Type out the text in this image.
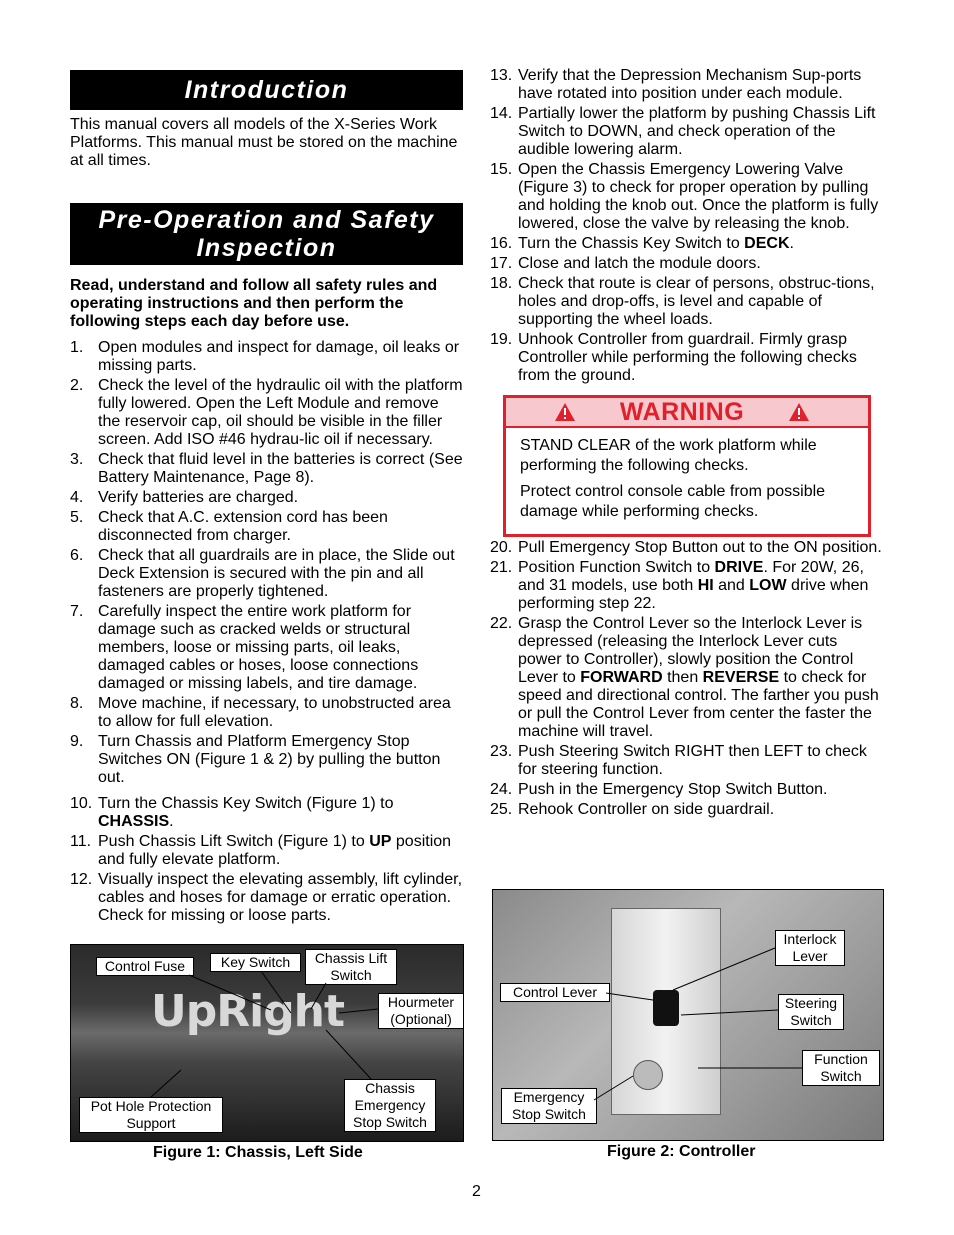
Introduction
This manual covers all models of the X-Series Work Platforms. This manual must be stored on the machine at all times.
Pre-Operation and Safety Inspection
Read, understand and follow all safety rules and operating instructions and then perform the following steps each day before use.
1. Open modules and inspect for damage, oil leaks or missing parts.
2. Check the level of the hydraulic oil with the platform fully lowered. Open the Left Module and remove the reservoir cap, oil should be visible in the filler screen. Add ISO #46 hydrau-lic oil if necessary.
3. Check that fluid level in the batteries is correct (See Battery Maintenance, Page 8).
4. Verify batteries are charged.
5. Check that A.C. extension cord has been disconnected from charger.
6. Check that all guardrails are in place, the Slide out Deck Extension is secured with the pin and all fasteners are properly tightened.
7. Carefully inspect the entire work platform for damage such as cracked welds or structural members, loose or missing parts, oil leaks, damaged cables or hoses, loose connections damaged or missing labels, and tire damage.
8. Move machine, if necessary, to unobstructed area to allow for full elevation.
9. Turn Chassis and Platform Emergency Stop Switches ON (Figure 1 & 2) by pulling the button out.
10. Turn the Chassis Key Switch (Figure 1) to CHASSIS.
11. Push Chassis Lift Switch (Figure 1) to UP position and fully elevate platform.
12. Visually inspect the elevating assembly, lift cylinder, cables and hoses for damage or erratic operation. Check for missing or loose parts.
13. Verify that the Depression Mechanism Sup-ports have rotated into position under each module.
14. Partially lower the platform by pushing Chassis Lift Switch to DOWN, and check operation of the audible lowering alarm.
15. Open the Chassis Emergency Lowering Valve (Figure 3) to check for proper operation by pulling and holding the knob out. Once the platform is fully lowered, close the valve by releasing the knob.
16. Turn the Chassis Key Switch to DECK.
17. Close and latch the module doors.
18. Check that route is clear of persons, obstruc-tions, holes and drop-offs, is level and capable of supporting the wheel loads.
19. Unhook Controller from guardrail. Firmly grasp Controller while performing the following checks from the ground.
WARNING

STAND CLEAR of the work platform while performing the following checks.

Protect control console cable from possible damage while performing checks.

20. Pull Emergency Stop Button out to the ON position.
21. Position Function Switch to DRIVE. For 20W, 26, and 31 models, use both HI and LOW drive when performing step 22.
22. Grasp the Control Lever so the Interlock Lever is depressed (releasing the Interlock Lever cuts power to Controller), slowly position the Control Lever to FORWARD then REVERSE to check for speed and directional control. The farther you push or pull the Control Lever from center the faster the machine will travel.
23. Push Steering Switch RIGHT then LEFT to check for steering function.
24. Push in the Emergency Stop Switch Button.
25. Rehook Controller on side guardrail.
UpRight
Control Fuse	Key Switch	Chassis Lift Switch
Hourmeter (Optional)
Pot Hole Protection Support
Chassis Emergency Stop Switch
Figure 1: Chassis, Left Side
Interlock Lever
Control Lever
Steering Switch
Function Switch
Emergency Stop Switch
Figure 2: Controller
2
